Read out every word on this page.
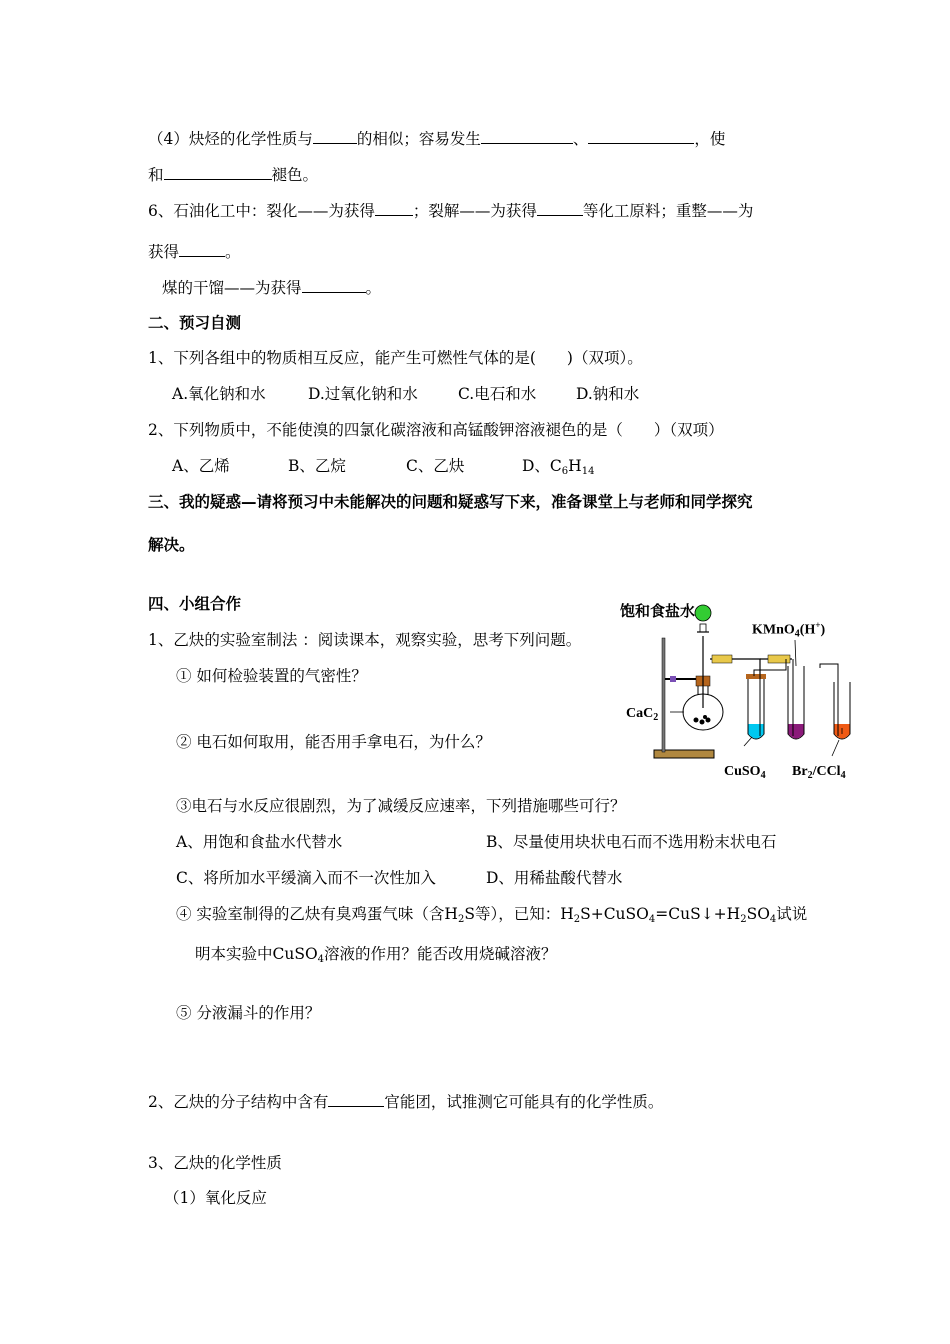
（4）炔烃的化学性质与	的相似；容易发生	、	，使
和	褪色。
6、石油化工中：裂化——为获得 ；裂解——为获得	等化工原料；重整——为
获得	。
煤的干馏——为获得	。
二、预习自测
1、下列各组中的物质相互反应，能产生可燃性气体的是(　　)（双项）。
A.氧化钠和水	D.过氧化钠和水	C.电石和水	D.钠和水
2、下列物质中，不能使溴的四氯化碳溶液和高锰酸钾溶液褪色的是（　　）（双项）
A、乙烯	B、乙烷	C、乙炔	D、$C_6H_{14}$
三、我的疑惑—请将预习中未能解决的问题和疑惑写下来，准备课堂上与老师和同学探究
解决。
四、小组合作
1、乙炔的实验室制法 ：阅读课本，观察实验，思考下列问题。
① 如何检验装置的气密性？
② 电石如何取用，能否用手拿电石，为什么？
③电石与水反应很剧烈，为了减缓反应速率，下列措施哪些可行？
A、用饱和食盐水代替水	B、尽量使用块状电石而不选用粉末状电石
C、将所加水平缓滴入而不一次性加入	D、用稀盐酸代替水
④ 实验室制得的乙炔有臭鸡蛋气味（含$H_2S$等），已知：$H_2S+CuSO_4=CuS↓+H_2SO_4$试说
明本实验中CuSO$_4$溶液的作用？能否改用烧碱溶液？
⑤ 分液漏斗的作用？
2、乙炔的分子结构中含有	官能团，试推测它可能具有的化学性质。
3、乙炔的化学性质
（1）氧化反应
饱和食盐水
KMnO$_4$(H+)
CaC$_2$
CuSO$_4$ $Br_2/CCl_4$
